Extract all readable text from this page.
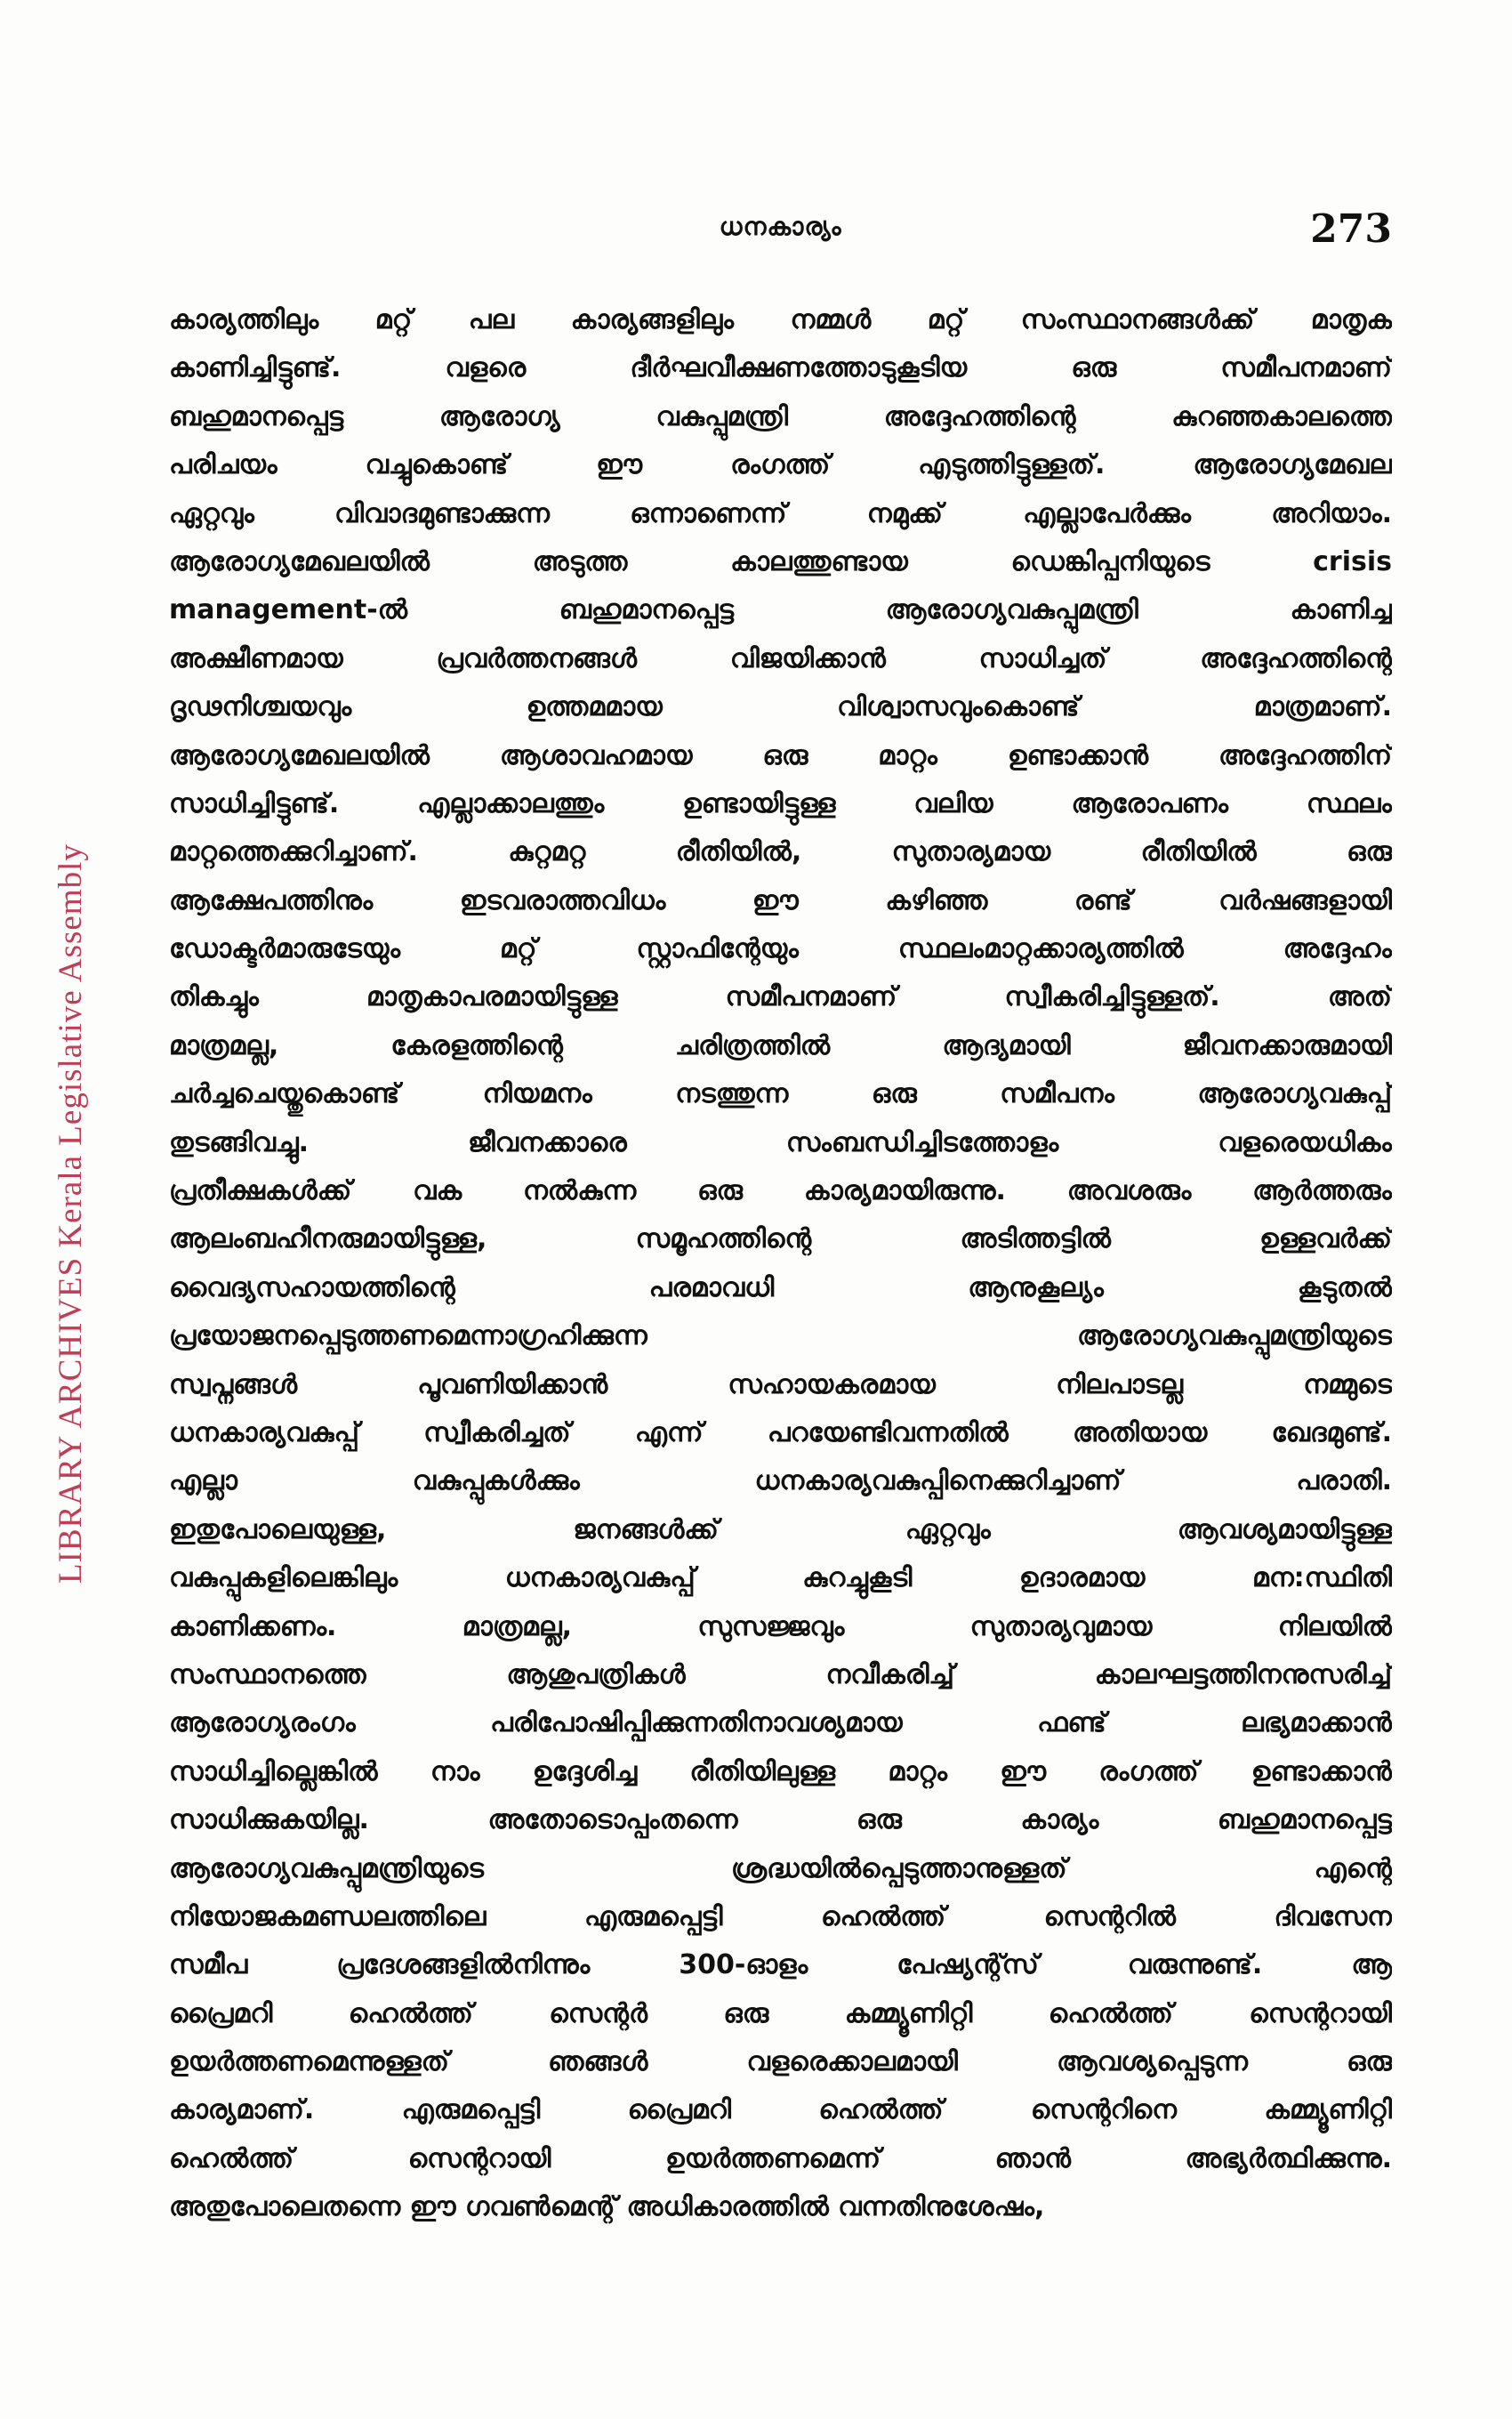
ധനകാര്യം	273
LIBRARY ARCHIVES Kerala Legislative Assembly
കാര്യത്തിലും മറ്റ് പല കാര്യങ്ങളിലും നമ്മൾ മറ്റ് സംസ്ഥാനങ്ങൾക്ക് മാതൃക
കാണിച്ചിട്ടുണ്ട്. വളരെ ദീർഘവീക്ഷണത്തോടുകൂടിയ ഒരു സമീപനമാണ്
ബഹുമാനപ്പെട്ട ആരോഗ്യ വകുപ്പുമന്ത്രി അദ്ദേഹത്തിന്റെ കുറഞ്ഞകാലത്തെ
പരിചയം വച്ചുകൊണ്ട് ഈ രംഗത്ത് എടുത്തിട്ടുള്ളത്. ആരോഗ്യമേഖല
ഏറ്റവും വിവാദമുണ്ടാക്കുന്ന ഒന്നാണെന്ന് നമുക്ക് എല്ലാപേർക്കും അറിയാം.
ആരോഗ്യമേഖലയിൽ അടുത്ത കാലത്തുണ്ടായ ഡെങ്കിപ്പനിയുടെ crisis
management-ൽ ബഹുമാനപ്പെട്ട ആരോഗ്യവകുപ്പുമന്ത്രി കാണിച്ച
അക്ഷീണമായ പ്രവർത്തനങ്ങൾ വിജയിക്കാൻ സാധിച്ചത് അദ്ദേഹത്തിന്റെ
ദൃഢനിശ്ചയവും ഉത്തമമായ വിശ്വാസവുംകൊണ്ട് മാത്രമാണ്.
ആരോഗ്യമേഖലയിൽ ആശാവഹമായ ഒരു മാറ്റം ഉണ്ടാക്കാൻ അദ്ദേഹത്തിന്
സാധിച്ചിട്ടുണ്ട്. എല്ലാക്കാലത്തും ഉണ്ടായിട്ടുള്ള വലിയ ആരോപണം സ്ഥലം
മാറ്റത്തെക്കുറിച്ചാണ്. കുറ്റമറ്റ രീതിയിൽ, സുതാര്യമായ രീതിയിൽ ഒരു
ആക്ഷേപത്തിനും ഇടവരാത്തവിധം ഈ കഴിഞ്ഞ രണ്ട് വർഷങ്ങളായി
ഡോക്ടർമാരുടേയും മറ്റ് സ്റ്റാഫിന്റേയും സ്ഥലംമാറ്റക്കാര്യത്തിൽ അദ്ദേഹം
തികച്ചും മാതൃകാപരമായിട്ടുള്ള സമീപനമാണ് സ്വീകരിച്ചിട്ടുള്ളത്. അത്
മാത്രമല്ല, കേരളത്തിന്റെ ചരിത്രത്തിൽ ആദ്യമായി ജീവനക്കാരുമായി
ചർച്ചചെയ്തുകൊണ്ട് നിയമനം നടത്തുന്ന ഒരു സമീപനം ആരോഗ്യവകുപ്പ്
തുടങ്ങിവച്ചു. ജീവനക്കാരെ സംബന്ധിച്ചിടത്തോളം വളരെയധികം
പ്രതീക്ഷകൾക്ക് വക നൽകുന്ന ഒരു കാര്യമായിരുന്നു. അവശരും ആർത്തരും
ആലംബഹീനരുമായിട്ടുള്ള, സമൂഹത്തിന്റെ അടിത്തട്ടിൽ ഉള്ളവർക്ക്
വൈദ്യസഹായത്തിന്റെ പരമാവധി ആനുകൂല്യം കൂടുതൽ
പ്രയോജനപ്പെടുത്തണമെന്നാഗ്രഹിക്കുന്ന ആരോഗ്യവകുപ്പുമന്ത്രിയുടെ
സ്വപ്നങ്ങൾ പൂവണിയിക്കാൻ സഹായകരമായ നിലപാടല്ല നമ്മുടെ
ധനകാര്യവകുപ്പ് സ്വീകരിച്ചത് എന്ന് പറയേണ്ടിവന്നതിൽ അതിയായ ഖേദമുണ്ട്.
എല്ലാ വകുപ്പുകൾക്കും ധനകാര്യവകുപ്പിനെക്കുറിച്ചാണ് പരാതി.
ഇതുപോലെയുള്ള, ജനങ്ങൾക്ക് ഏറ്റവും ആവശ്യമായിട്ടുള്ള
വകുപ്പുകളിലെങ്കിലും ധനകാര്യവകുപ്പ് കുറച്ചുകൂടി ഉദാരമായ മന:സ്ഥിതി
കാണിക്കണം. മാത്രമല്ല, സുസജ്ജവും സുതാര്യവുമായ നിലയിൽ
സംസ്ഥാനത്തെ ആശുപത്രികൾ നവീകരിച്ച് കാലഘട്ടത്തിനനുസരിച്ച്
ആരോഗ്യരംഗം പരിപോഷിപ്പിക്കുന്നതിനാവശ്യമായ ഫണ്ട് ലഭ്യമാക്കാൻ
സാധിച്ചില്ലെങ്കിൽ നാം ഉദ്ദേശിച്ച രീതിയിലുള്ള മാറ്റം ഈ രംഗത്ത് ഉണ്ടാക്കാൻ
സാധിക്കുകയില്ല. അതോടൊപ്പംതന്നെ ഒരു കാര്യം ബഹുമാനപ്പെട്ട
ആരോഗ്യവകുപ്പുമന്ത്രിയുടെ ശ്രദ്ധയിൽപ്പെടുത്താനുള്ളത് എന്റെ
നിയോജകമണ്ഡലത്തിലെ എരുമപ്പെട്ടി ഹെൽത്ത് സെന്ററിൽ ദിവസേന
സമീപ പ്രദേശങ്ങളിൽനിന്നും 300-ഓളം പേഷ്യന്റ്സ് വരുന്നുണ്ട്. ആ
പ്രൈമറി ഹെൽത്ത് സെന്റർ ഒരു കമ്മ്യൂണിറ്റി ഹെൽത്ത് സെന്ററായി
ഉയർത്തണമെന്നുള്ളത് ഞങ്ങൾ വളരെക്കാലമായി ആവശ്യപ്പെടുന്ന ഒരു
കാര്യമാണ്. എരുമപ്പെട്ടി പ്രൈമറി ഹെൽത്ത് സെന്ററിനെ കമ്മ്യൂണിറ്റി
ഹെൽത്ത് സെന്ററായി ഉയർത്തണമെന്ന് ഞാൻ അഭ്യർത്ഥിക്കുന്നു.
അതുപോലെതന്നെ ഈ ഗവൺമെന്റ് അധികാരത്തിൽ വന്നതിനുശേഷം,
